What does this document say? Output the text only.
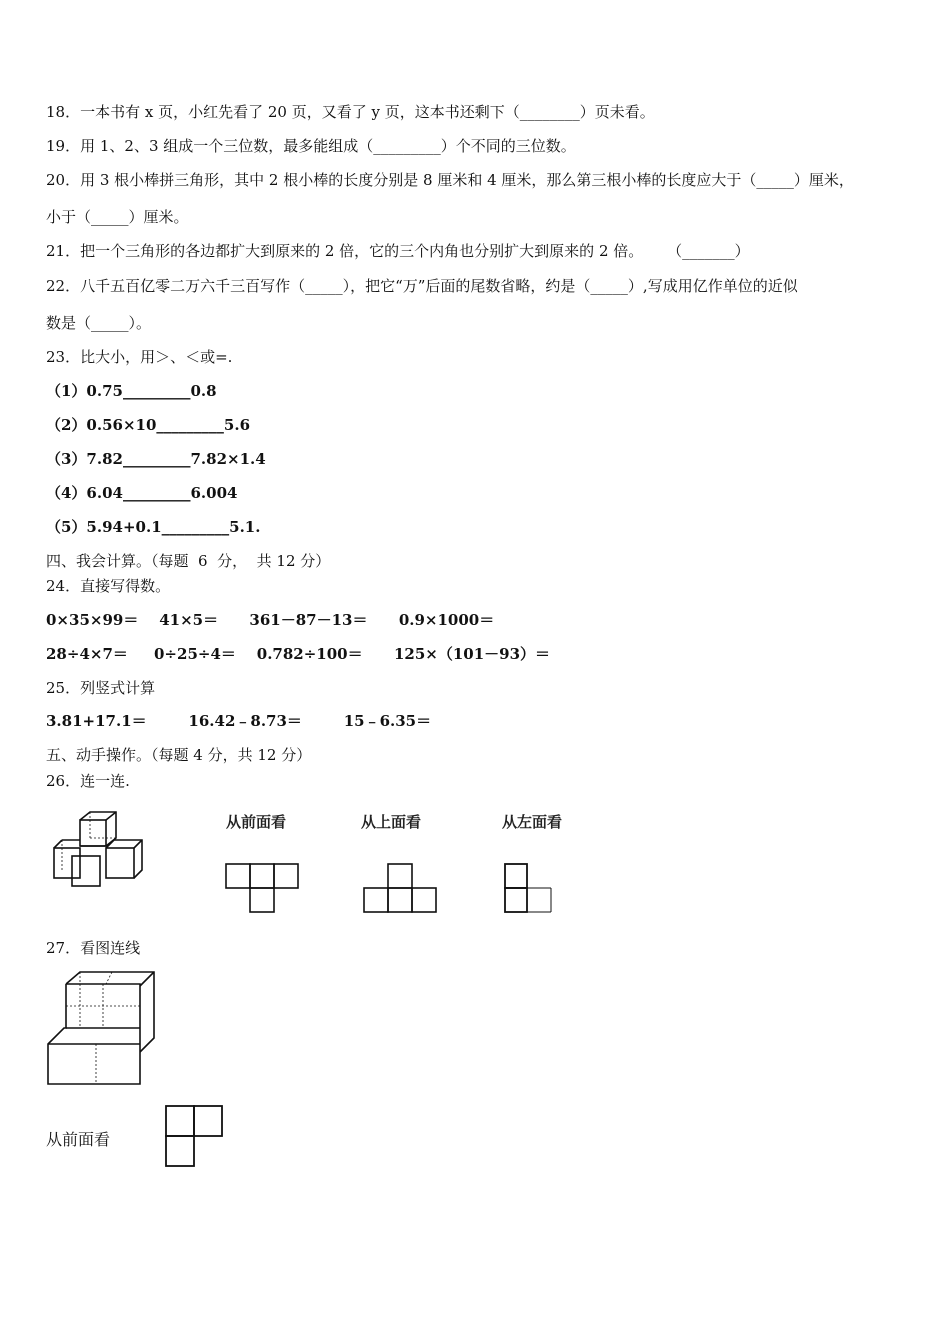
18．一本书有 x 页，小红先看了 20 页，又看了 y 页，这本书还剩下（________）页未看。
19．用 1、2、3 组成一个三位数，最多能组成（_________）个不同的三位数。
20．用 3 根小棒拼三角形，其中 2 根小棒的长度分别是 8 厘米和 4 厘米，那么第三根小棒的长度应大于（_____）厘米，
小于（_____）厘米。
21．把一个三角形的各边都扩大到原来的 2 倍，它的三个内角也分别扩大到原来的 2 倍。     （_______）
22．八千五百亿零二万六千三百写作（_____），把它“万”后面的尾数省略，约是（_____）,写成用亿作单位的近似
数是（_____）。
23．比大小，用＞、＜或=.
（1）0.75_________0.8
（2）0.56×10_________5.6
（3）7.82_________7.82×1.4
（4）6.04_________6.004
（5）5.94+0.1_________5.1.
四、我会计算。（每题  6  分，  共 12 分）
24．直接写得数。
0×35×99＝    41×5＝      361－87－13＝      0.9×1000＝
28÷4×7＝     0÷25÷4＝    0.782÷100＝      125×（101－93）＝
25．列竖式计算
3.81+17.1＝        16.42﹣8.73＝        15﹣6.35＝
五、动手操作。（每题 4 分，共 12 分）
26．连一连.
从前面看	从上面看	从左面看
27．看图连线
从前面看
